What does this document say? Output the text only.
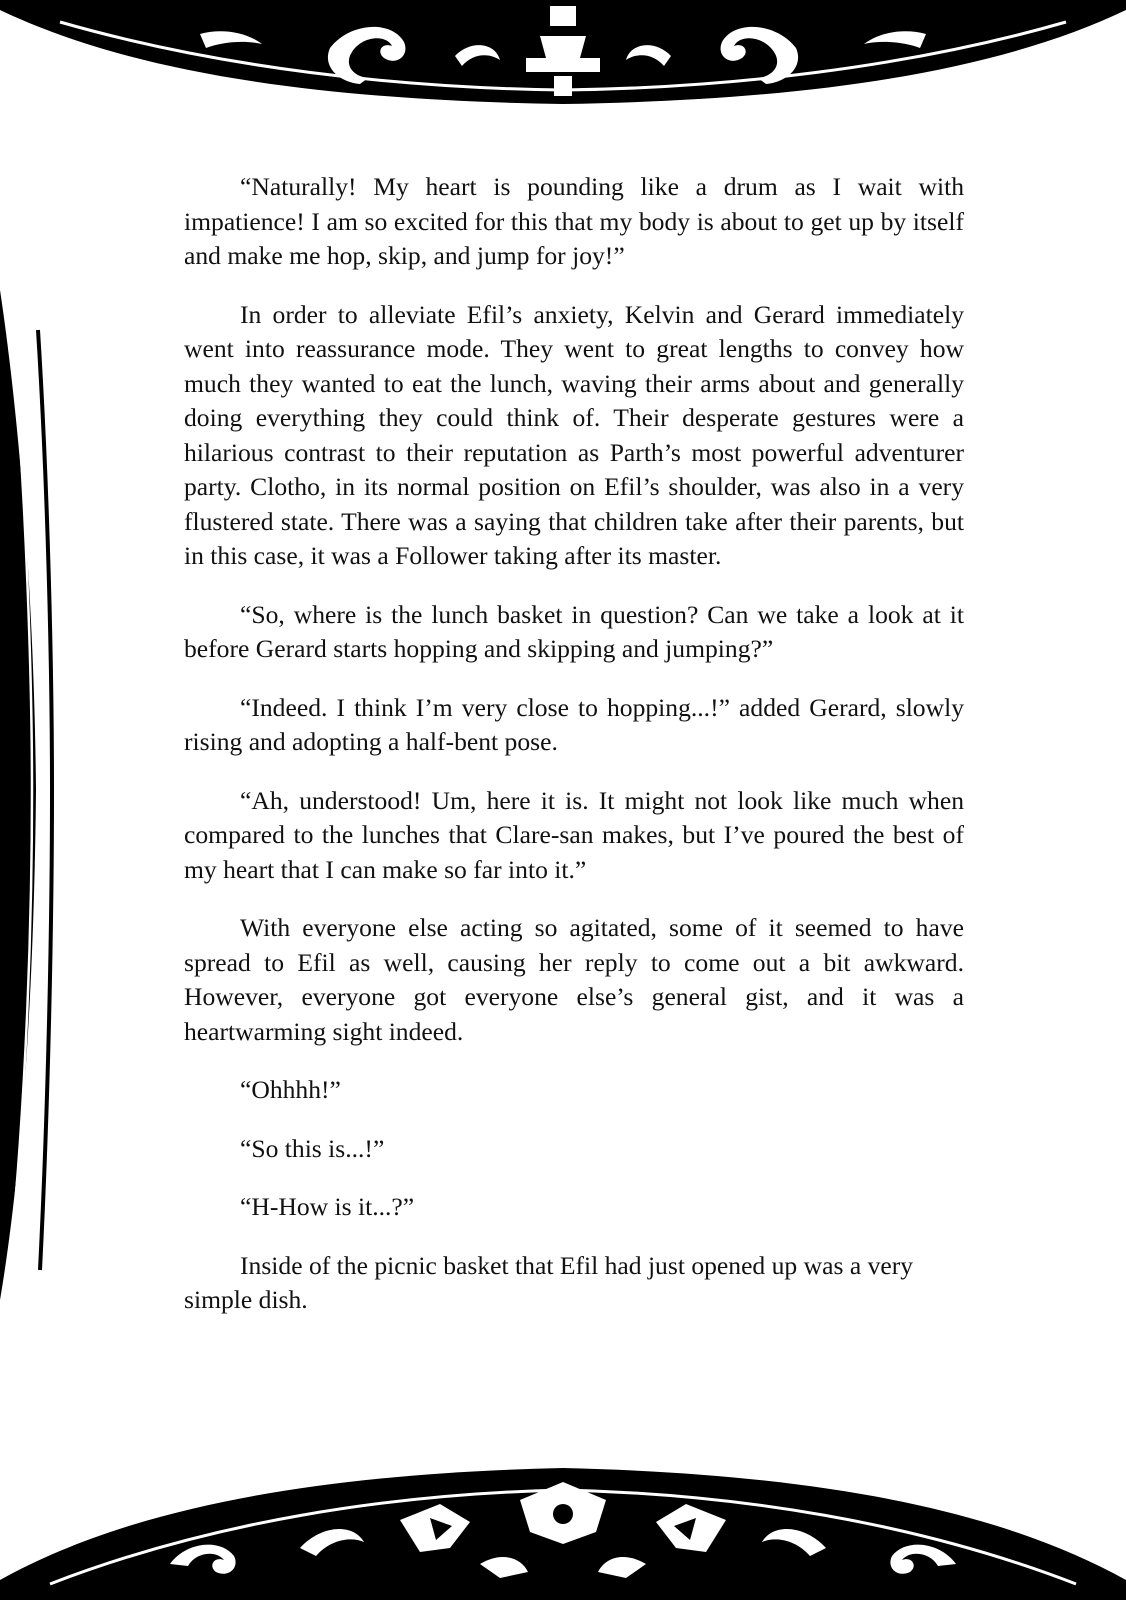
“Naturally! My heart is pounding like a drum as I wait with impatience! I am so excited for this that my body is about to get up by itself and make me hop, skip, and jump for joy!”

In order to alleviate Efil’s anxiety, Kelvin and Gerard immediately went into reassurance mode. They went to great lengths to convey how much they wanted to eat the lunch, waving their arms about and generally doing everything they could think of. Their desperate gestures were a hilarious contrast to their reputation as Parth’s most powerful adventurer party. Clotho, in its normal position on Efil’s shoulder, was also in a very flustered state. There was a saying that children take after their parents, but in this case, it was a Follower taking after its master.

“So, where is the lunch basket in question? Can we take a look at it before Gerard starts hopping and skipping and jumping?”

“Indeed. I think I’m very close to hopping...!” added Gerard, slowly rising and adopting a half-bent pose.

“Ah, understood! Um, here it is. It might not look like much when compared to the lunches that Clare-san makes, but I’ve poured the best of my heart that I can make so far into it.”

With everyone else acting so agitated, some of it seemed to have spread to Efil as well, causing her reply to come out a bit awkward. However, everyone got everyone else’s general gist, and it was a heartwarming sight indeed.

“Ohhhh!”

“So this is...!”

“H-How is it...?”

Inside of the picnic basket that Efil had just opened up was a very simple dish.
